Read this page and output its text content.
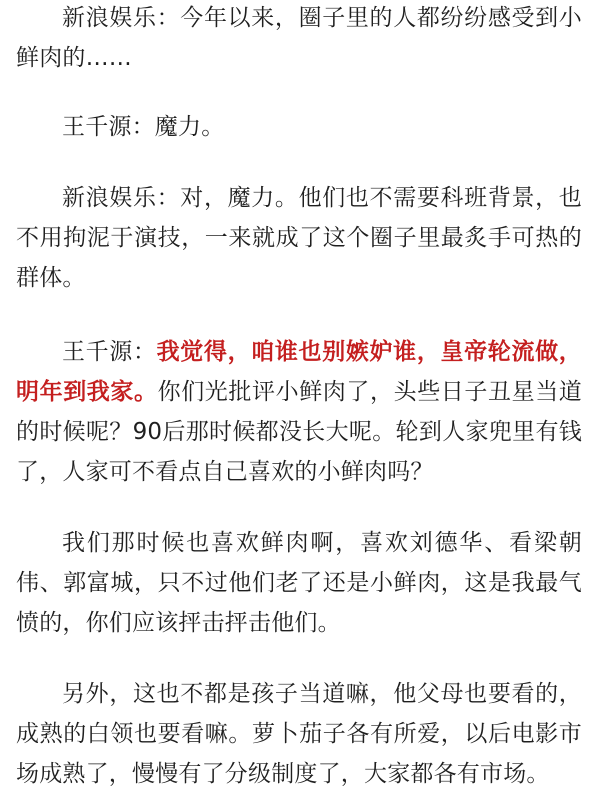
新浪娱乐：今年以来，圈子里的人都纷纷感受到小鲜肉的……

王千源：魔力。

新浪娱乐：对，魔力。他们也不需要科班背景，也不用拘泥于演技，一来就成了这个圈子里最炙手可热的群体。

王千源：我觉得，咱谁也别嫉妒谁，皇帝轮流做，明年到我家。你们光批评小鲜肉了，头些日子丑星当道的时候呢？90后那时候都没长大呢。轮到人家兜里有钱了，人家可不看点自己喜欢的小鲜肉吗？

我们那时候也喜欢鲜肉啊，喜欢刘德华、看梁朝伟、郭富城，只不过他们老了还是小鲜肉，这是我最气愤的，你们应该抨击抨击他们。

另外，这也不都是孩子当道嘛，他父母也要看的，成熟的白领也要看嘛。萝卜茄子各有所爱，以后电影市场成熟了，慢慢有了分级制度了，大家都各有市场。
